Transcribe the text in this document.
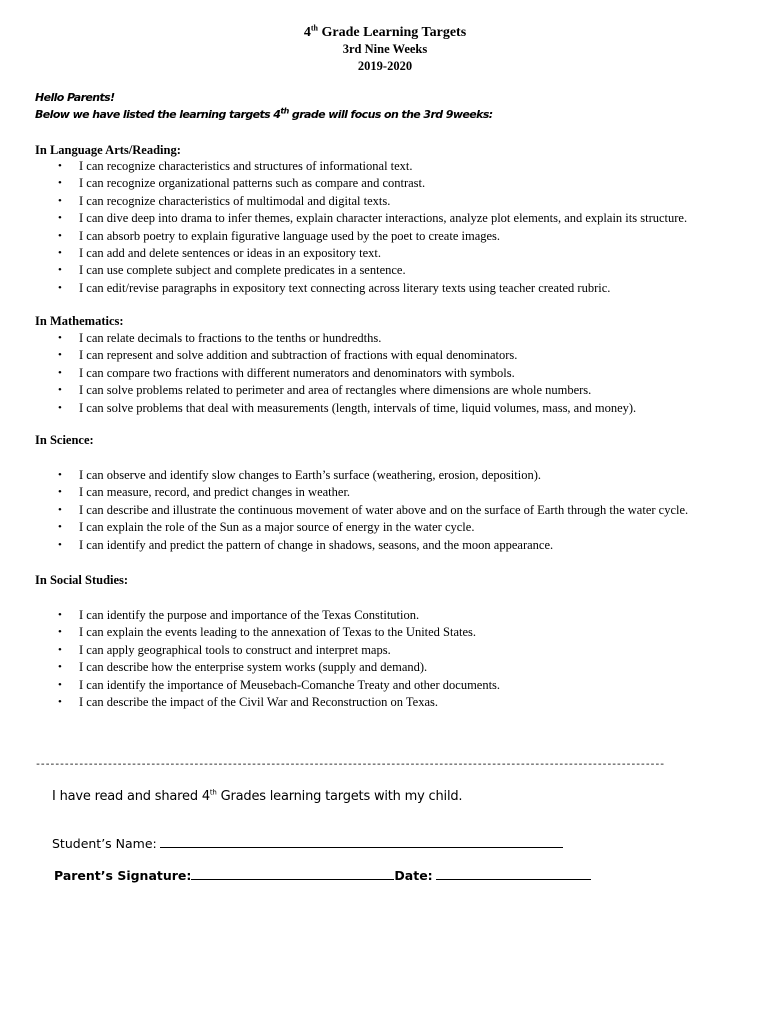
4th Grade Learning Targets
3rd Nine Weeks
2019-2020
Hello Parents!
Below we have listed the learning targets 4th grade will focus on the 3rd 9weeks:
In Language Arts/Reading:
• I can recognize characteristics and structures of informational text.
• I can recognize organizational patterns such as compare and contrast.
• I can recognize characteristics of multimodal and digital texts.
• I can dive deep into drama to infer themes, explain character interactions, analyze plot elements, and explain its structure.
• I can absorb poetry to explain figurative language used by the poet to create images.
• I can add and delete sentences or ideas in an expository text.
• I can use complete subject and complete predicates in a sentence.
• I can edit/revise paragraphs in expository text connecting across literary texts using teacher created rubric.
In Mathematics:
• I can relate decimals to fractions to the tenths or hundredths.
• I can represent and solve addition and subtraction of fractions with equal denominators.
• I can compare two fractions with different numerators and denominators with symbols.
• I can solve problems related to perimeter and area of rectangles where dimensions are whole numbers.
• I can solve problems that deal with measurements (length, intervals of time, liquid volumes, mass, and money).
In Science:
• I can observe and identify slow changes to Earth’s surface (weathering, erosion, deposition).
• I can measure, record, and predict changes in weather.
• I can describe and illustrate the continuous movement of water above and on the surface of Earth through the water cycle.
• I can explain the role of the Sun as a major source of energy in the water cycle.
• I can identify and predict the pattern of change in shadows, seasons, and the moon appearance.
In Social Studies:
• I can identify the purpose and importance of the Texas Constitution.
• I can explain the events leading to the annexation of Texas to the United States.
• I can apply geographical tools to construct and interpret maps.
• I can describe how the enterprise system works (supply and demand).
• I can identify the importance of Meusebach-Comanche Treaty and other documents.
• I can describe the impact of the Civil War and Reconstruction on Texas.
-----------------------------------------------------------------------------------------------------------------------------------
I have read and shared 4th Grades learning targets with my child.
Student’s Name:
Parent’s Signature:	Date:
